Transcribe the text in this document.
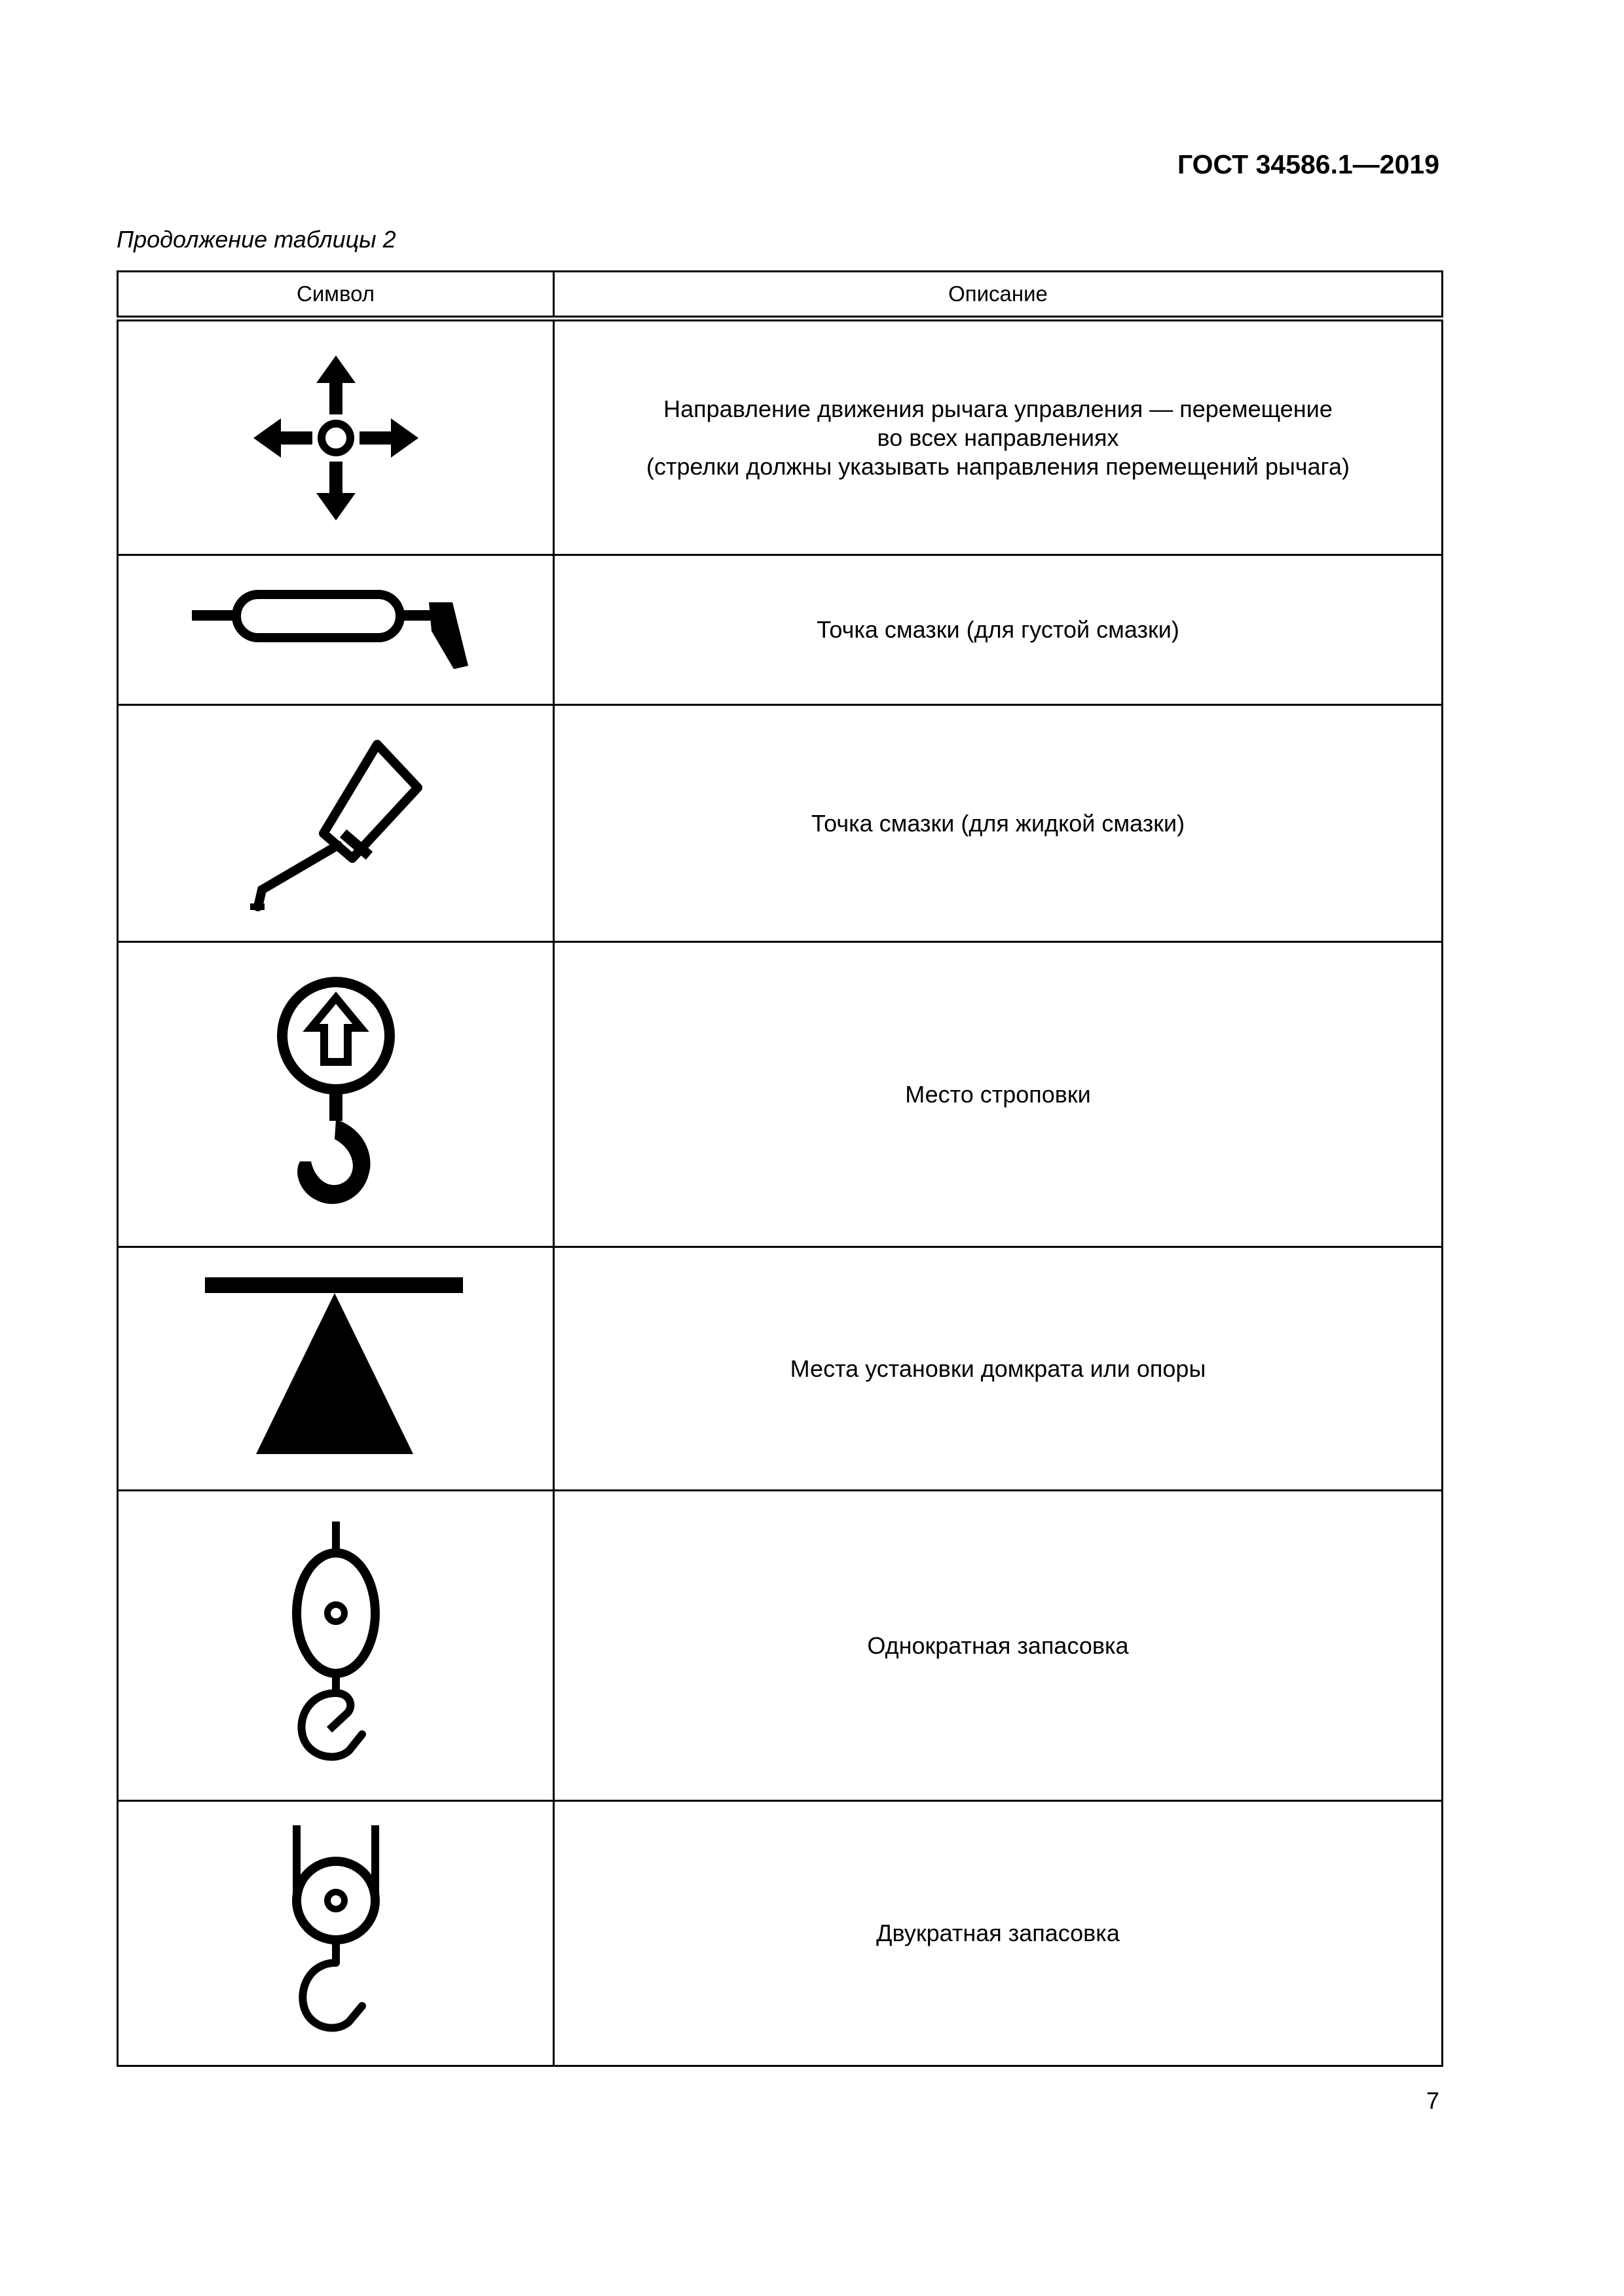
ГОСТ 34586.1—2019
Продолжение таблицы 2
Символ	Описание

Направление движения рычага управления — перемещение
во всех направлениях
(стрелки должны указывать направления перемещений рычага)

Точка смазки (для густой смазки)

Точка смазки (для жидкой смазки)

Место строповки

Места установки домкрата или опоры

Однократная запасовка

Двукратная запасовка
7
